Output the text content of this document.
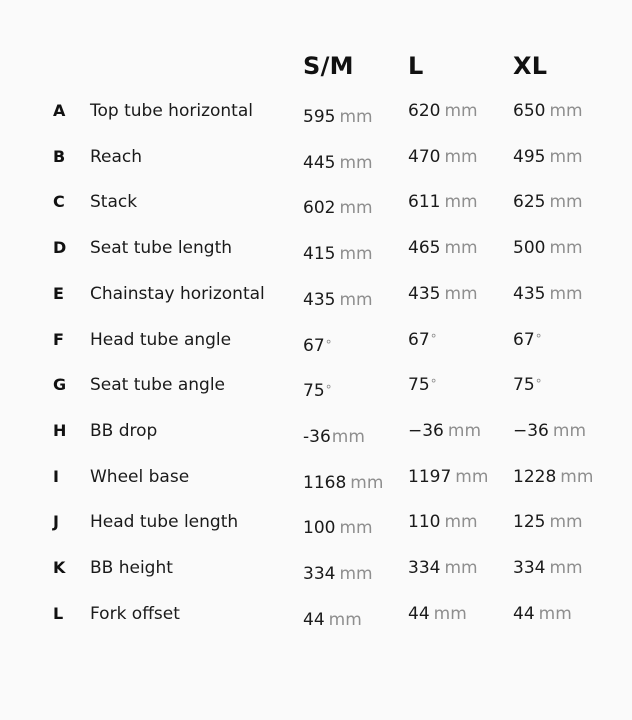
S/M L	XL
A	Top tube horizontal	595 mm 620 mm 650 mm
B	Reach	445 mm 470 mm 495 mm
C	Stack	602 mm 611 mm 625 mm
D	Seat tube length	415 mm 465 mm 500 mm
E	Chainstay horizontal 435 mm 435 mm 435 mm
F	Head tube angle	67°	67°	67°
G	Seat tube angle	75°	75°	75°
H	BB drop	-36mm	−36 mm −36 mm
I	Wheel base	1168 mm 1197 mm 1228 mm
J	Head tube length	100 mm 110 mm 125 mm
K	BB height	334 mm 334 mm 334 mm
L	Fork offset	44 mm	44 mm	44 mm
